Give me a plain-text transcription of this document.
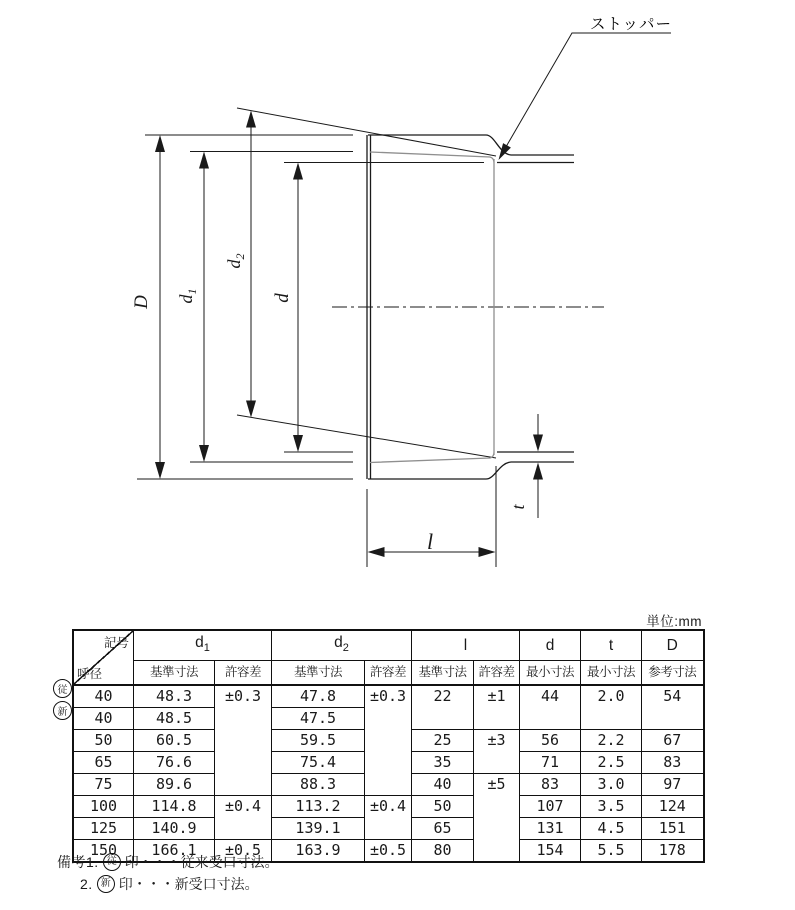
ストッパー
D $d_1$
$d_2$
d
l
t
単位:mm
従
新
記号
呼径	$d_1$		$d_2$		l		d	t	D
	基準寸法	許容差	基準寸法	許容差	基準寸法	許容差	最小寸法	最小寸法	参考寸法
40	48.3	±0.3	47.8	±0.3	22	±1	44	2.0	54
40	48.5		47.5						
50	60.5		59.5		25	±3	56	2.2	67
65	76.6		75.4		35		71	2.5	83
75	89.6		88.3		40	±5	83	3.0	97
100	114.8	±0.4	113.2	±0.4	50		107	3.5	124
125	140.9		139.1		65		131	4.5	151
150	166.1	±0.5	163.9	±0.5	80		154	5.5	178
備考1. 従 印・・・従来受口寸法。
2. 新 印・・・新受口寸法。
